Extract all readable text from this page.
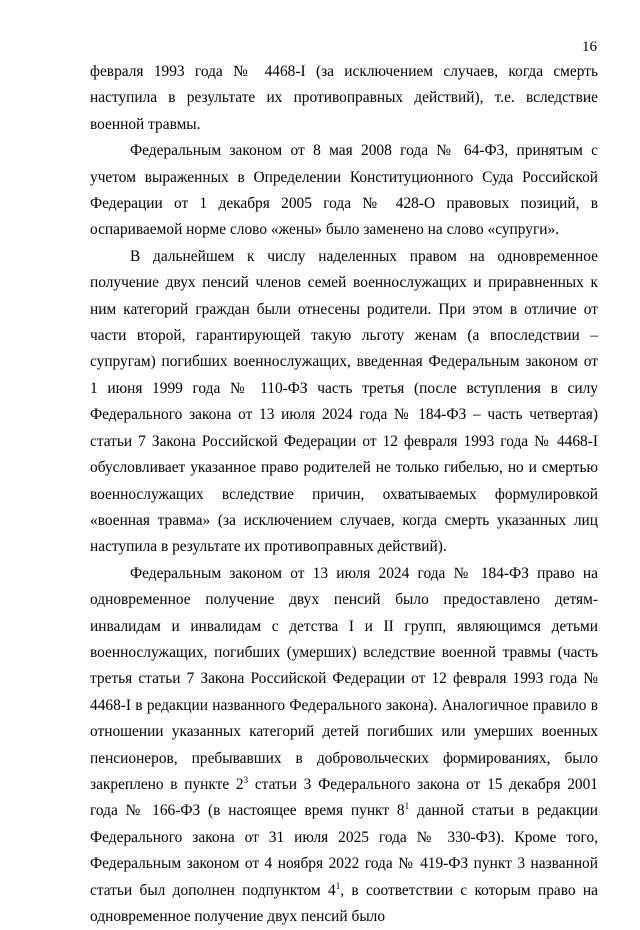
16

февраля 1993 года № 4468-I (за исключением случаев, когда смерть наступила в результате их противоправных действий), т.е. вследствие военной травмы.

Федеральным законом от 8 мая 2008 года № 64-ФЗ, принятым с учетом выраженных в Определении Конституционного Суда Российской Федерации от 1 декабря 2005 года № 428-О правовых позиций, в оспариваемой норме слово «жены» было заменено на слово «супруги».

В дальнейшем к числу наделенных правом на одновременное получение двух пенсий членов семей военнослужащих и приравненных к ним категорий граждан были отнесены родители. При этом в отличие от части второй, гарантирующей такую льготу женам (а впоследствии – супругам) погибших военнослужащих, введенная Федеральным законом от 1 июня 1999 года № 110-ФЗ часть третья (после вступления в силу Федерального закона от 13 июля 2024 года № 184-ФЗ – часть четвертая) статьи 7 Закона Российской Федерации от 12 февраля 1993 года № 4468-I обусловливает указанное право родителей не только гибелью, но и смертью военнослужащих вследствие причин, охватываемых формулировкой «военная травма» (за исключением случаев, когда смерть указанных лиц наступила в результате их противоправных действий).

Федеральным законом от 13 июля 2024 года № 184-ФЗ право на одновременное получение двух пенсий было предоставлено детям-инвалидам и инвалидам с детства I и II групп, являющимся детьми военнослужащих, погибших (умерших) вследствие военной травмы (часть третья статьи 7 Закона Российской Федерации от 12 февраля 1993 года № 4468-I в редакции названного Федерального закона). Аналогичное правило в отношении указанных категорий детей погибших или умерших военных пенсионеров, пребывавших в добровольческих формированиях, было закреплено в пункте $2^3$ статьи 3 Федерального закона от 15 декабря 2001 года № 166-ФЗ (в настоящее время пункт $8^1$ данной статьи в редакции Федерального закона от 31 июля 2025 года № 330-ФЗ). Кроме того, Федеральным законом от 4 ноября 2022 года № 419-ФЗ пункт 3 названной статьи был дополнен подпунктом $4^1$, в соответствии с которым право на одновременное получение двух пенсий было
